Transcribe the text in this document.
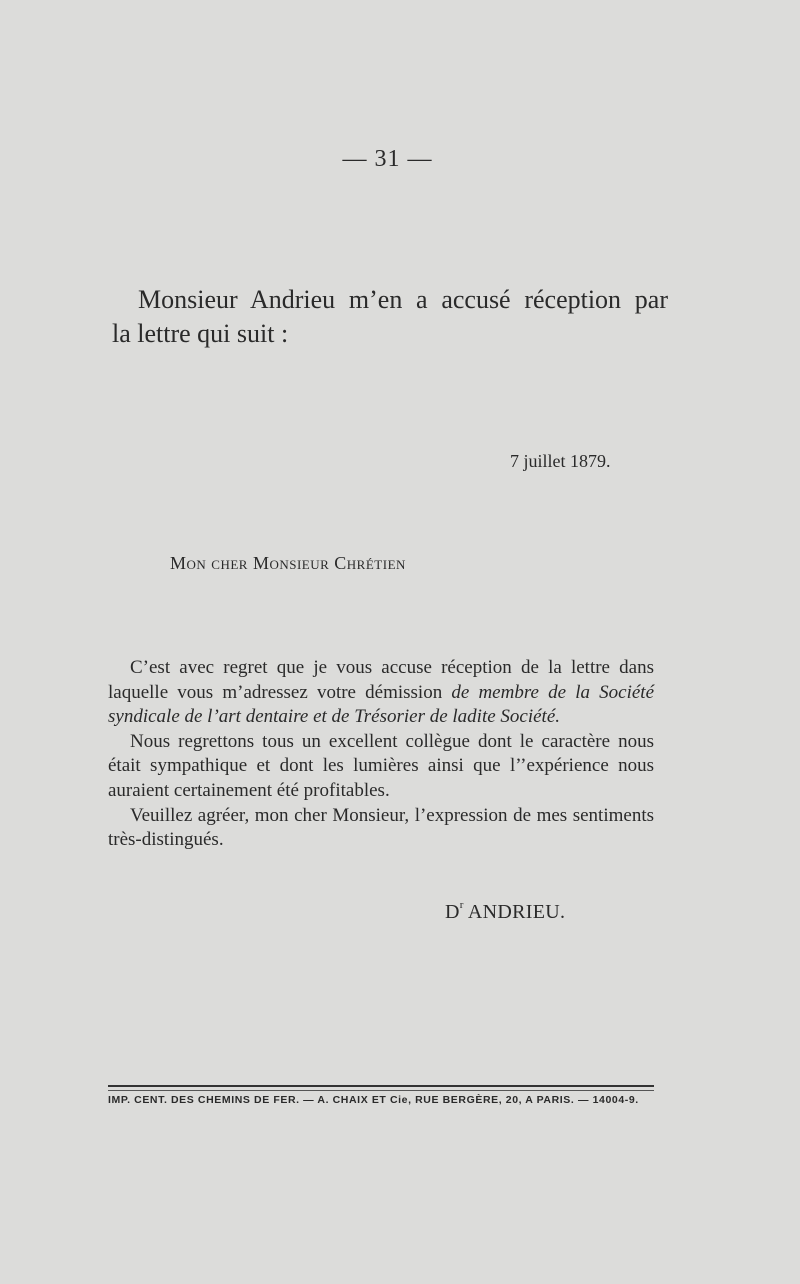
— 31 —
Monsieur Andrieu m’en a accusé réception par
la lettre qui suit :
7 juillet 1879.
Mon cher Monsieur Chrétien

C’est avec regret que je vous accuse réception de la lettre dans laquelle vous m’adressez votre démission de membre de la Société syndicale de l’art dentaire et de Trésorier de ladite Société.

Nous regrettons tous un excellent collègue dont le caractère nous était sympathique et dont les lumières ainsi que l’’expérience nous auraient certainement été profitables.

Veuillez agréer, mon cher Monsieur, l’expression de mes sentiments très-distingués.

$D^r$ ANDRIEU.
IMP. CENT. DES CHEMINS DE FER. — A. CHAIX ET Cie, RUE BERGÈRE, 20, A PARIS. — 14004-9.
